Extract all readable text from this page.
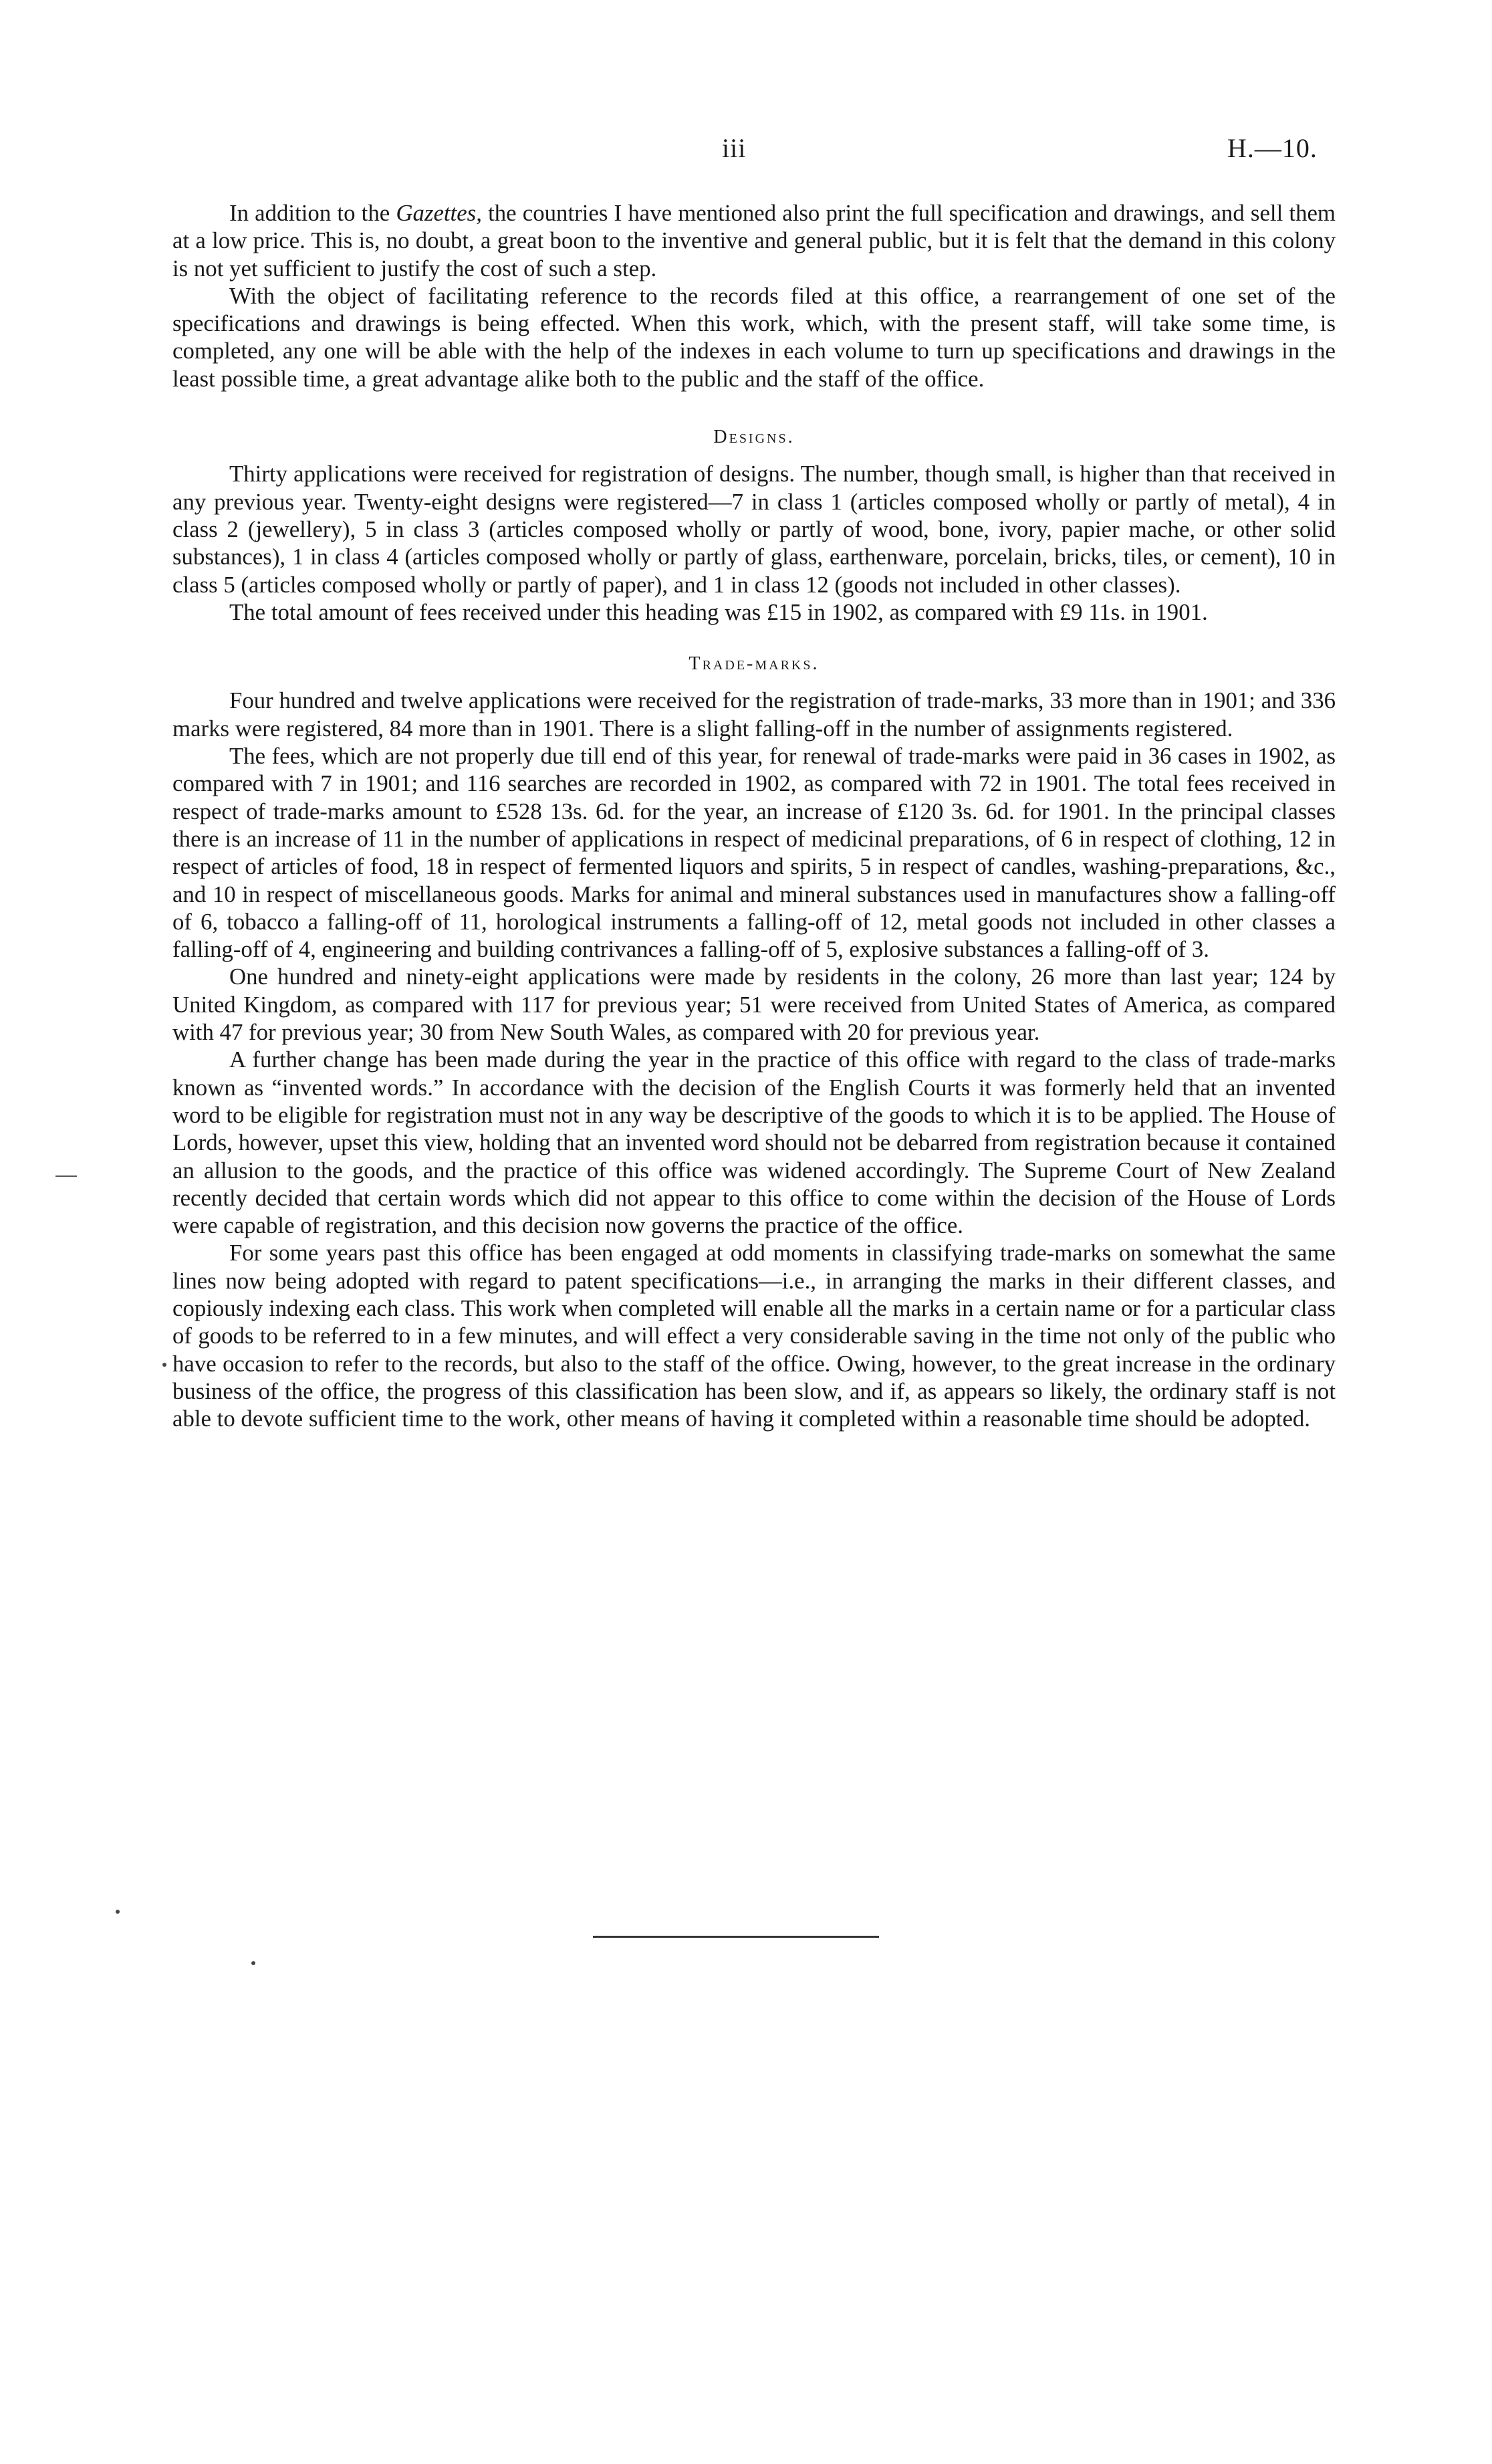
iii	H.—10.

In addition to the Gazettes, the countries I have mentioned also print the full specification and drawings, and sell them at a low price. This is, no doubt, a great boon to the inventive and general public, but it is felt that the demand in this colony is not yet sufficient to justify the cost of such a step.

With the object of facilitating reference to the records filed at this office, a rearrangement of one set of the specifications and drawings is being effected. When this work, which, with the present staff, will take some time, is completed, any one will be able with the help of the indexes in each volume to turn up specifications and drawings in the least possible time, a great advantage alike both to the public and the staff of the office.

Designs.

Thirty applications were received for registration of designs. The number, though small, is higher than that received in any previous year. Twenty-eight designs were registered—7 in class 1 (articles composed wholly or partly of metal), 4 in class 2 (jewellery), 5 in class 3 (articles composed wholly or partly of wood, bone, ivory, papier mache, or other solid substances), 1 in class 4 (articles composed wholly or partly of glass, earthenware, porcelain, bricks, tiles, or cement), 10 in class 5 (articles composed wholly or partly of paper), and 1 in class 12 (goods not included in other classes).

The total amount of fees received under this heading was £15 in 1902, as compared with £9 11s. in 1901.

Trade-marks.

Four hundred and twelve applications were received for the registration of trade-marks, 33 more than in 1901; and 336 marks were registered, 84 more than in 1901. There is a slight falling-off in the number of assignments registered.

The fees, which are not properly due till end of this year, for renewal of trade-marks were paid in 36 cases in 1902, as compared with 7 in 1901; and 116 searches are recorded in 1902, as compared with 72 in 1901. The total fees received in respect of trade-marks amount to £528 13s. 6d. for the year, an increase of £120 3s. 6d. for 1901. In the principal classes there is an increase of 11 in the number of applications in respect of medicinal preparations, of 6 in respect of clothing, 12 in respect of articles of food, 18 in respect of fermented liquors and spirits, 5 in respect of candles, washing-preparations, &c., and 10 in respect of miscellaneous goods. Marks for animal and mineral substances used in manufactures show a falling-off of 6, tobacco a falling-off of 11, horological instruments a falling-off of 12, metal goods not included in other classes a falling-off of 4, engineering and building contrivances a falling-off of 5, explosive substances a falling-off of 3.

One hundred and ninety-eight applications were made by residents in the colony, 26 more than last year; 124 by United Kingdom, as compared with 117 for previous year; 51 were received from United States of America, as compared with 47 for previous year; 30 from New South Wales, as compared with 20 for previous year.

A further change has been made during the year in the practice of this office with regard to the class of trade-marks known as “invented words.” In accordance with the decision of the English Courts it was formerly held that an invented word to be eligible for registration must not in any way be descriptive of the goods to which it is to be applied. The House of Lords, however, upset this view, holding that an invented word should not be debarred from registration because it contained an allusion to the goods, and the practice of this office was widened accordingly. The Supreme Court of New Zealand recently decided that certain words which did not appear to this office to come within the decision of the House of Lords were capable of registration, and this decision now governs the practice of the office.

For some years past this office has been engaged at odd moments in classifying trade-marks on somewhat the same lines now being adopted with regard to patent specifications—i.e., in arranging the marks in their different classes, and copiously indexing each class. This work when completed will enable all the marks in a certain name or for a particular class of goods to be referred to in a few minutes, and will effect a very considerable saving in the time not only of the public who have occasion to refer to the records, but also to the staff of the office. Owing, however, to the great increase in the ordinary business of the office, the progress of this classification has been slow, and if, as appears so likely, the ordinary staff is not able to devote sufficient time to the work, other means of having it completed within a reasonable time should be adopted.
